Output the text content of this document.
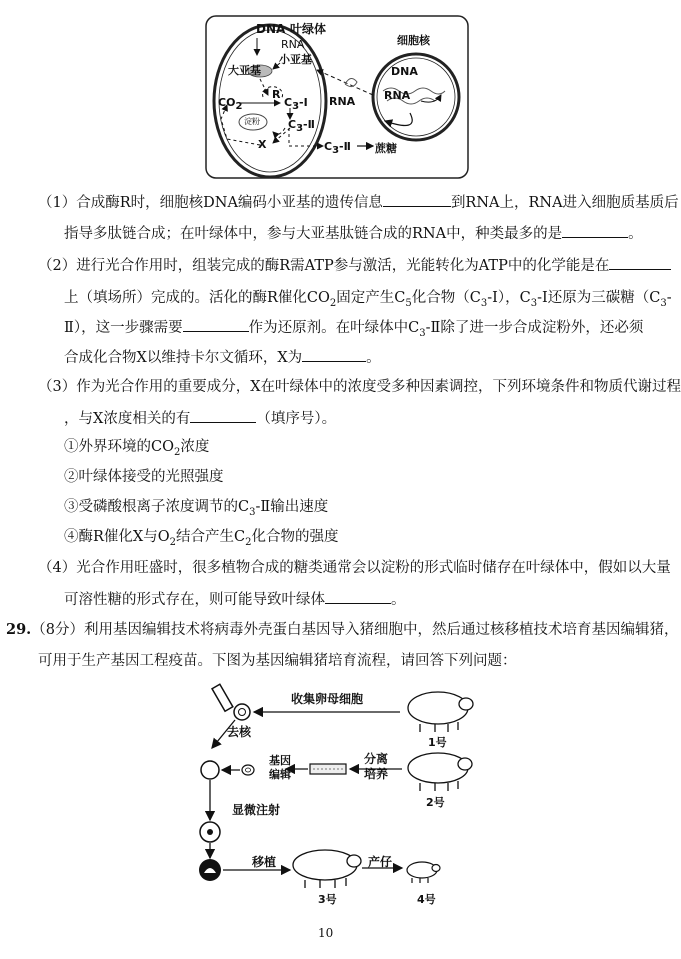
DNA 叶绿体
RNA
小亚基
大亚基
R
$CO_2$	$C_3-Ⅰ$
$C_3-Ⅱ$
淀粉
X	$C_3-Ⅱ$ 蔗糖
RNA
细胞核
DNA
RNA
（1）合成酶R时，细胞核DNA编码小亚基的遗传信息	到RNA上，RNA进入细胞质基质后
指导多肽链合成；在叶绿体中，参与大亚基肽链合成的RNA中，种类最多的是	。
（2）进行光合作用时，组装完成的酶R需ATP参与激活，光能转化为ATP中的化学能是在
上（填场所）完成的。活化的酶R催化$CO_2$固定产生$C_5$化合物$(C_3-Ⅰ)$，$C_3-Ⅰ$还原为三碳糖（$C_3-$
Ⅱ），这一步骤需要	作为还原剂。在叶绿体中$C_3-Ⅱ$除了进一步合成淀粉外，还必须
合成化合物X以维持卡尔文循环，X为	。
（3）作为光合作用的重要成分，X在叶绿体中的浓度受多种因素调控，下列环境条件和物质代谢过程
，与X浓度相关的有	（填序号）。
①外界环境的$CO_2$浓度
②叶绿体接受的光照强度
③受磷酸根离子浓度调节的$C_3-Ⅱ$输出速度
④酶R催化X与$O_2$结合产生$C_2$化合物的强度
（4）光合作用旺盛时，很多植物合成的糖类通常会以淀粉的形式临时储存在叶绿体中，假如以大量
可溶性糖的形式存在，则可能导致叶绿体	。
29.（8分）利用基因编辑技术将病毒外壳蛋白基因导入猪细胞中，然后通过核移植技术培育基因编辑猪，
可用于生产基因工程疫苗。下图为基因编辑猪培育流程，请回答下列问题：
收集卵母细胞
去核
1号
基因
编辑
分离
培养
2号
显微注射
移植	产仔
3号	4号
10
